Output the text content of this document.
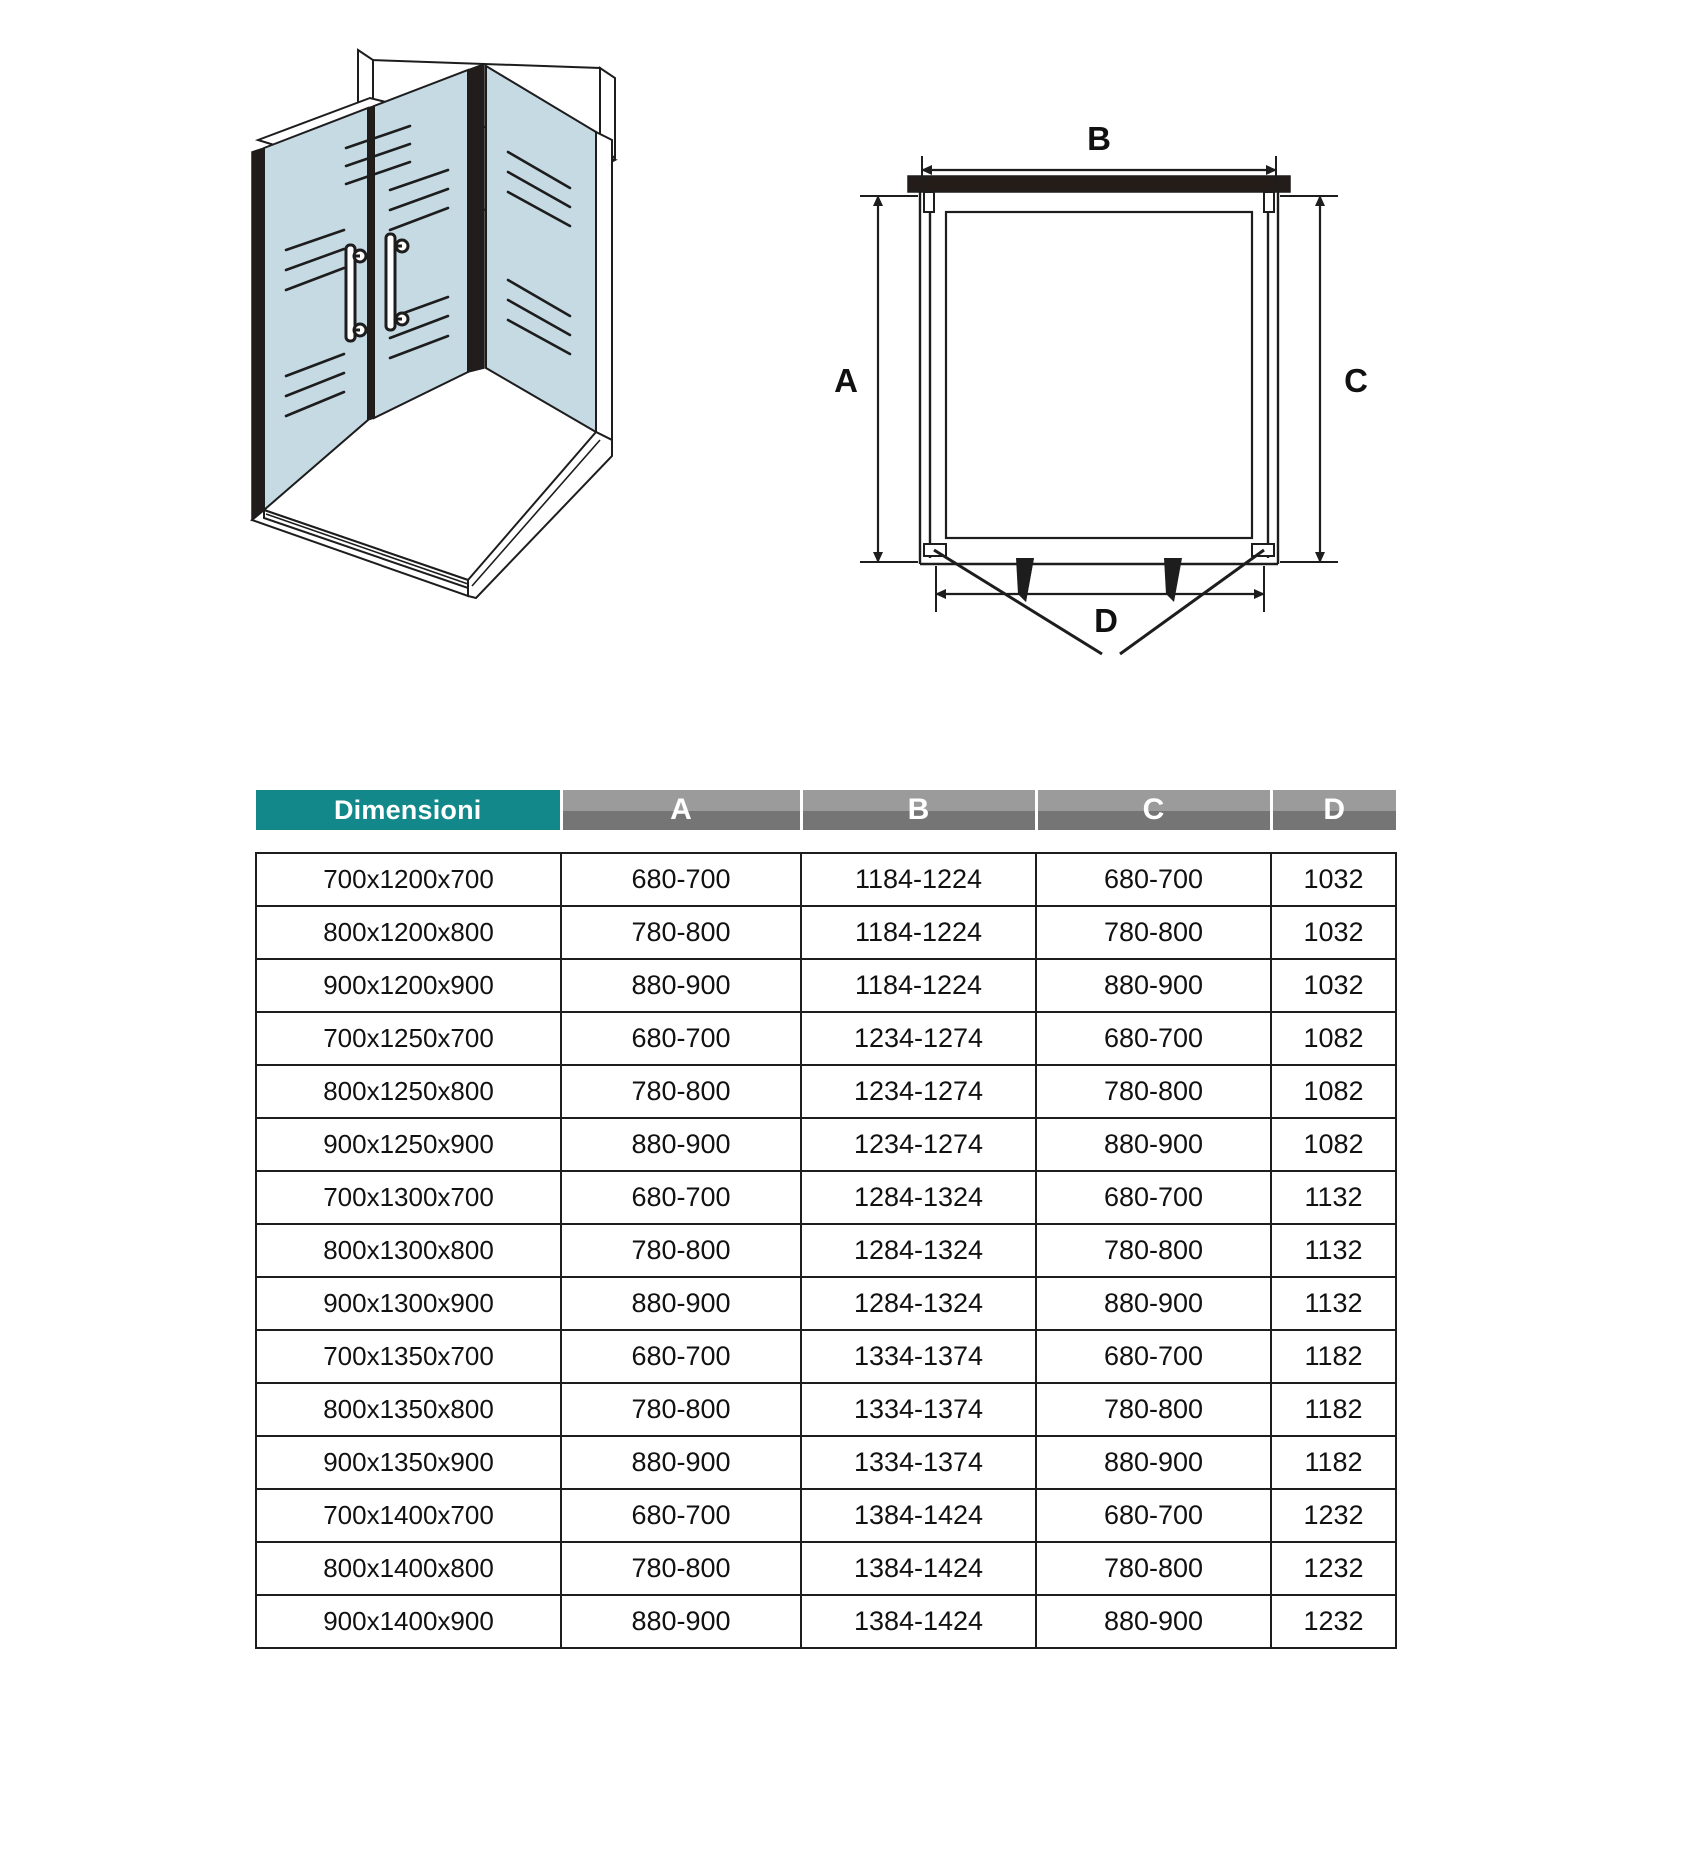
B
A	C
D
Dimensioni	A	B	C	D

700x1200x700	680-700	1184-1224	680-700	1032
800x1200x800	780-800	1184-1224	780-800	1032
900x1200x900	880-900	1184-1224	880-900	1032
700x1250x700	680-700	1234-1274	680-700	1082
800x1250x800	780-800	1234-1274	780-800	1082
900x1250x900	880-900	1234-1274	880-900	1082
700x1300x700	680-700	1284-1324	680-700	1132
800x1300x800	780-800	1284-1324	780-800	1132
900x1300x900	880-900	1284-1324	880-900	1132
700x1350x700	680-700	1334-1374	680-700	1182
800x1350x800	780-800	1334-1374	780-800	1182
900x1350x900	880-900	1334-1374	880-900	1182
700x1400x700	680-700	1384-1424	680-700	1232
800x1400x800	780-800	1384-1424	780-800	1232
900x1400x900	880-900	1384-1424	880-900	1232
